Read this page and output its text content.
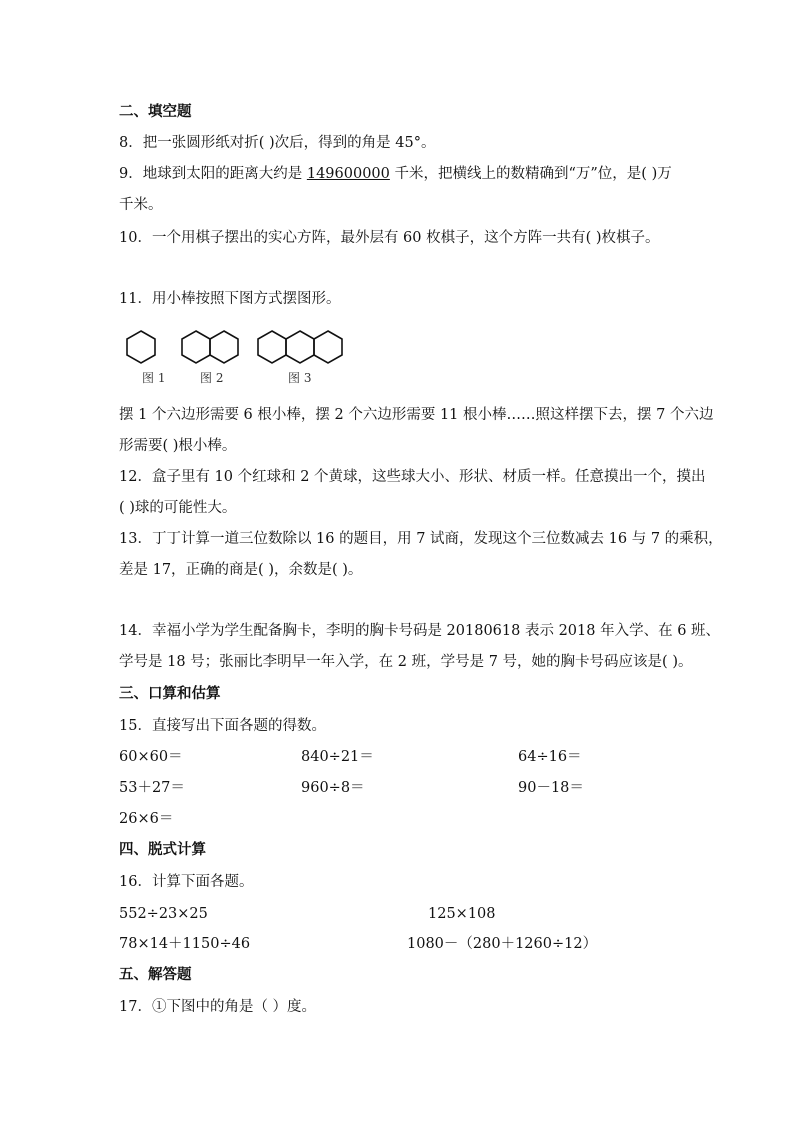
二、填空题
8．把一张圆形纸对折( )次后，得到的角是 45°。
9．地球到太阳的距离大约是 149600000 千米，把横线上的数精确到“万”位，是( )万
千米。
10．一个用棋子摆出的实心方阵，最外层有 60 枚棋子，这个方阵一共有( )枚棋子。
11．用小棒按照下图方式摆图形。
图 1	图 2	图 3
摆 1 个六边形需要 6 根小棒，摆 2 个六边形需要 11 根小棒……照这样摆下去，摆 7 个六边
形需要( )根小棒。
12．盒子里有 10 个红球和 2 个黄球，这些球大小、形状、材质一样。任意摸出一个，摸出
( )球的可能性大。
13．丁丁计算一道三位数除以 16 的题目，用 7 试商，发现这个三位数减去 16 与 7 的乘积，
差是 17，正确的商是( )，余数是( )。
14．幸福小学为学生配备胸卡，李明的胸卡号码是 20180618 表示 2018 年入学、在 6 班、
学号是 18 号；张丽比李明早一年入学，在 2 班，学号是 7 号，她的胸卡号码应该是( )。
三、口算和估算
15．直接写出下面各题的得数。
60×60＝	840÷21＝	64÷16＝
53＋27＝	960÷8＝	90－18＝
26×6＝
四、脱式计算
16．计算下面各题。
552÷23×25	125×108
78×14＋1150÷46	1080－（280＋1260÷12）
五、解答题
17．①下图中的角是（ ）度。
